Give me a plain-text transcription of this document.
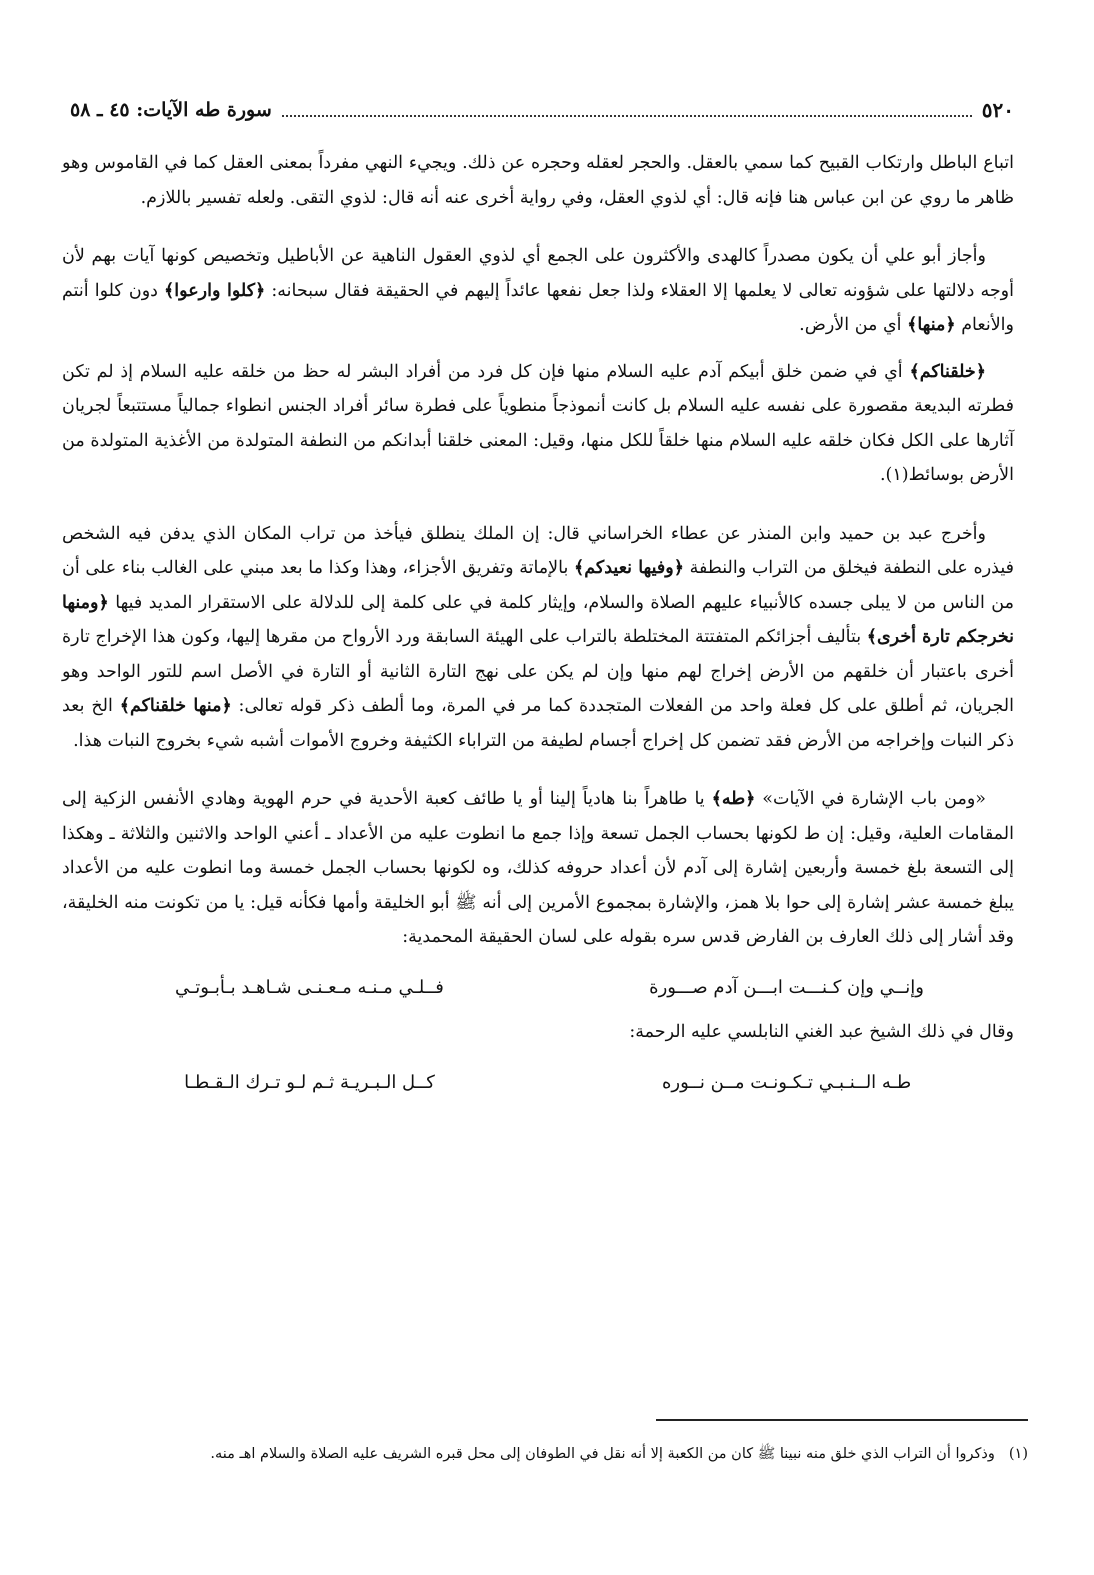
٥٢٠
سورة طه الآيات: ٤٥ ـ ٥٨

اتباع الباطل وارتكاب القبيح كما سمي بالعقل. والحجر لعقله وحجره عن ذلك. ويجيء النهي مفرداً بمعنى العقل كما في القاموس وهو ظاهر ما روي عن ابن عباس هنا فإنه قال: أي لذوي العقل، وفي رواية أخرى عنه أنه قال: لذوي التقى. ولعله تفسير باللازم.

وأجاز أبو علي أن يكون مصدراً كالهدى والأكثرون على الجمع أي لذوي العقول الناهية عن الأباطيل وتخصيص كونها آيات بهم لأن أوجه دلالتها على شؤونه تعالى لا يعلمها إلا العقلاء ولذا جعل نفعها عائداً إليهم في الحقيقة فقال سبحانه: ﴿كلوا وارعوا﴾ دون كلوا أنتم والأنعام ﴿منها﴾ أي من الأرض.

﴿خلقناكم﴾ أي في ضمن خلق أبيكم آدم عليه السلام منها فإن كل فرد من أفراد البشر له حظ من خلقه عليه السلام إذ لم تكن فطرته البديعة مقصورة على نفسه عليه السلام بل كانت أنموذجاً منطوياً على فطرة سائر أفراد الجنس انطواء جمالياً مستتبعاً لجريان آثارها على الكل فكان خلقه عليه السلام منها خلقاً للكل منها، وقيل: المعنى خلقنا أبدانكم من النطفة المتولدة من الأغذية المتولدة من الأرض بوسائط(١).

وأخرج عبد بن حميد وابن المنذر عن عطاء الخراساني قال: إن الملك ينطلق فيأخذ من تراب المكان الذي يدفن فيه الشخص فيذره على النطفة فيخلق من التراب والنطفة ﴿وفيها نعيدكم﴾ بالإماتة وتفريق الأجزاء، وهذا وكذا ما بعد مبني على الغالب بناء على أن من الناس من لا يبلى جسده كالأنبياء عليهم الصلاة والسلام، وإيثار كلمة في على كلمة إلى للدلالة على الاستقرار المديد فيها ﴿ومنها نخرجكم تارة أخرى﴾ بتأليف أجزائكم المتفتتة المختلطة بالتراب على الهيئة السابقة ورد الأرواح من مقرها إليها، وكون هذا الإخراج تارة أخرى باعتبار أن خلقهم من الأرض إخراج لهم منها وإن لم يكن على نهج التارة الثانية أو التارة في الأصل اسم للتور الواحد وهو الجريان، ثم أطلق على كل فعلة واحد من الفعلات المتجددة كما مر في المرة، وما ألطف ذكر قوله تعالى: ﴿منها خلقناكم﴾ الخ بعد ذكر النبات وإخراجه من الأرض فقد تضمن كل إخراج أجسام لطيفة من التراباء الكثيفة وخروج الأموات أشبه شيء بخروج النبات هذا.

«ومن باب الإشارة في الآيات» ﴿طه﴾ يا طاهراً بنا هادياً إلينا أو يا طائف كعبة الأحدية في حرم الهوية وهادي الأنفس الزكية إلى المقامات العلية، وقيل: إن ط لكونها بحساب الجمل تسعة وإذا جمع ما انطوت عليه من الأعداد ـ أعني الواحد والاثنين والثلاثة ـ وهكذا إلى التسعة بلغ خمسة وأربعين إشارة إلى آدم لأن أعداد حروفه كذلك، وه لكونها بحساب الجمل خمسة وما انطوت عليه من الأعداد يبلغ خمسة عشر إشارة إلى حوا بلا همز، والإشارة بمجموع الأمرين إلى أنه ﷺ أبو الخليقة وأمها فكأنه قيل: يا من تكونت منه الخليقة، وقد أشار إلى ذلك العارف بن الفارض قدس سره بقوله على لسان الحقيقة المحمدية:

وإنــي وإن كـنـــت ابـــن آدم صـــورة
فــلـي مـنـه مـعـنـى شـاهـد بـأبـوتـي

وقال في ذلك الشيخ عبد الغني النابلسي عليه الرحمة:

طـه الــنـبـي تـكـونـت مــن نــوره
كــل الـبـريـة ثـم لـو تـرك الـقـطـا
(١)وذكروا أن التراب الذي خلق منه نبينا ﷺ كان من الكعبة إلا أنه نقل في الطوفان إلى محل قبره الشريف عليه الصلاة والسلام اهـ منه.
